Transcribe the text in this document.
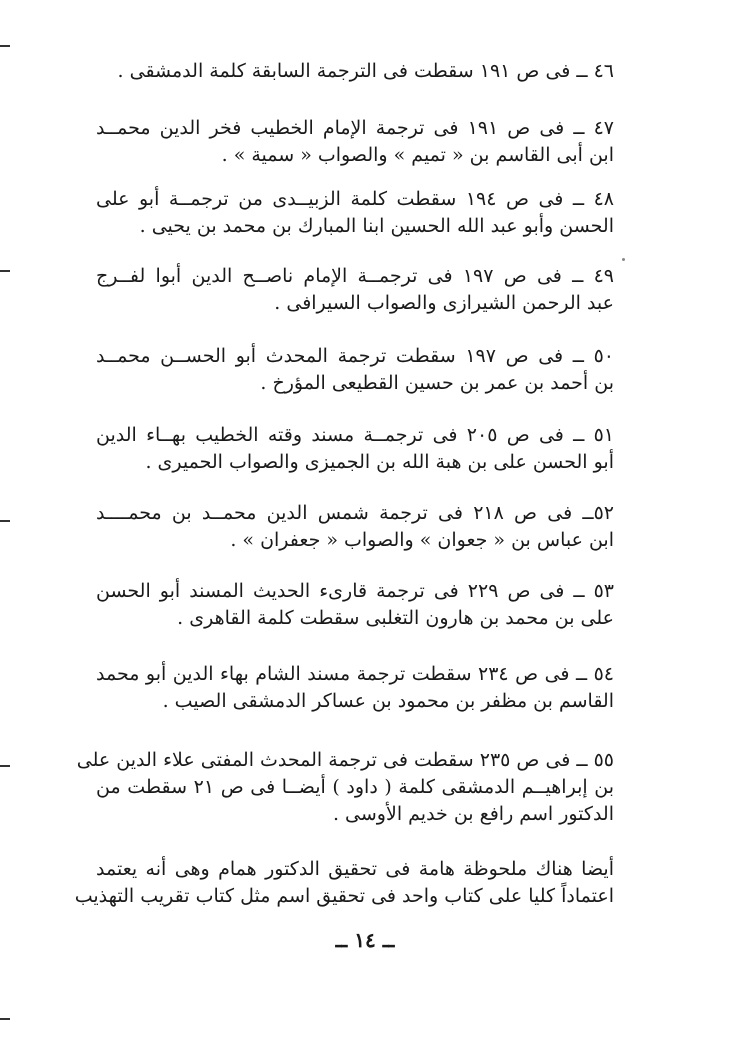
٤٦ ــ فى ص ١٩١ سقطت فى الترجمة السابقة كلمة الدمشقى .
٤٧ ــ فى ص ١٩١ فى ترجمة الإمام الخطيب فخر الدين محمــد
ابن أبى القاسم بن « تميم » والصواب « سمية » .
٤٨ ــ فى ص ١٩٤ سقطت كلمة الزبيــدى من ترجمــة أبو على
الحسن وأبو عبد الله الحسين ابنا المبارك بن محمد بن يحيى .
٤٩ ــ فى ص ١٩٧ فى ترجمــة الإمام ناصــح الدين أبوا لفــرج
عبد الرحمن الشيرازى والصواب السيرافى .
٥٠ ــ فى ص ١٩٧ سقطت ترجمة المحدث أبو الحســن محمــد
بن أحمد بن عمر بن حسين القطيعى المؤرخ .
٥١ ــ فى ص ٢٠٥ فى ترجمــة مسند وقته الخطيب بهــاء الدين
أبو الحسن على بن هبة الله بن الجميزى والصواب الحميرى .
٥٢ــ فى ص ٢١٨ فى ترجمة شمس الدين محمــد بن محمــــد
ابن عباس بن « جعوان » والصواب « جعفران » .
٥٣ ــ فى ص ٢٢٩ فى ترجمة قارىء الحديث المسند أبو الحسن
على بن محمد بن هارون التغلبى سقطت كلمة القاهرى .
٥٤ ــ فى ص ٢٣٤ سقطت ترجمة مسند الشام بهاء الدين أبو محمد
القاسم بن مظفر بن محمود بن عساكر الدمشقى الصيب .
٥٥ ــ فى ص ٢٣٥ سقطت فى ترجمة المحدث المفتى علاء الدين على
بن إبراهيــم الدمشقى كلمة ( داود ) أيضــا فى ص ٢١ سقطت من
الدكتور اسم رافع بن خديم الأوسى .
أيضا هناك ملحوظة هامة فى تحقيق الدكتور همام وهى أنه يعتمد
اعتماداً كليا على كتاب واحد فى تحقيق اسم مثل كتاب تقريب التهذيب
ــ ١٤ ــ
